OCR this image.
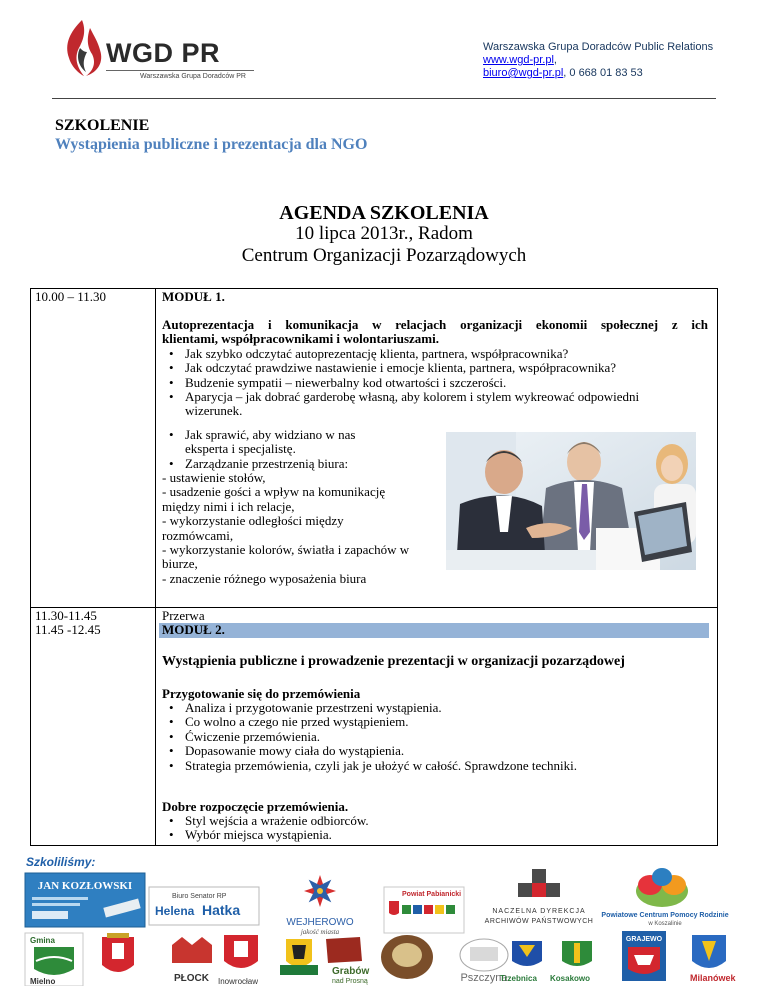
WGD PR
Warszawska Grupa Doradców PR
Warszawska Grupa Doradców Public Relations
www.wgd-pr.pl,
biuro@wgd-pr.pl, 0 668 01 83 53
SZKOLENIE
Wystąpienia publiczne i prezentacja dla NGO
AGENDA SZKOLENIA
10 lipca 2013r., Radom
Centrum Organizacji Pozarządowych
10.00 – 11.30	MODUŁ 1.
Autoprezentacja i komunikacja w relacjach organizacji ekonomii społecznej z ich
klientami, współpracownikami i wolontariuszami.
• Jak szybko odczytać autoprezentację klienta, partnera, współpracownika?
• Jak odczytać prawdziwe nastawienie i emocje klienta, partnera, współpracownika?
• Budzenie sympatii – niewerbalny kod otwartości i szczerości.
• Aparycja – jak dobrać garderobę własną, aby kolorem i stylem wykreować odpowiedni
wizerunek.
• Jak sprawić, aby widziano w nas
eksperta i specjalistę.
• Zarządzanie przestrzenią biura:
- ustawienie stołów,
- usadzenie gości a wpływ na komunikację
między nimi i ich relacje,
- wykorzystanie odległości między
rozmówcami,
- wykorzystanie kolorów, światła i zapachów w
biurze,
- znaczenie różnego wyposażenia biura
11.30-11.45
11.45 -12.45
Przerwa
MODUŁ 2.
Wystąpienia publiczne i prowadzenie prezentacji w organizacji pozarządowej
Przygotowanie się do przemówienia
• Analiza i przygotowanie przestrzeni wystąpienia.
• Co wolno a czego nie przed wystąpieniem.
• Ćwiczenie przemówienia.
• Dopasowanie mowy ciała do wystąpienia.
• Strategia przemówienia, czyli jak je ułożyć w całość. Sprawdzone techniki.
Dobre rozpoczęcie przemówienia.
• Styl wejścia a wrażenie odbiorców.
• Wybór miejsca wystąpienia.
Szkoliliśmy:
JAN KOZŁOWSKI
Gmina
Mielno
Biuro Senator RP
Helena Hatka
PŁOCK Inowrocław
WEJHEROWO
jakość miasta
Grabów
nad Prosną
Powiat Pabianicki
Pszczyna
NACZELNA DYREKCJA
ARCHIWÓW PAŃSTWOWYCH
Trzebnica Kosakowo
Powiatowe Centrum Pomocy Rodzinie
w Koszalinie
GRAJEWO
Milanówek
